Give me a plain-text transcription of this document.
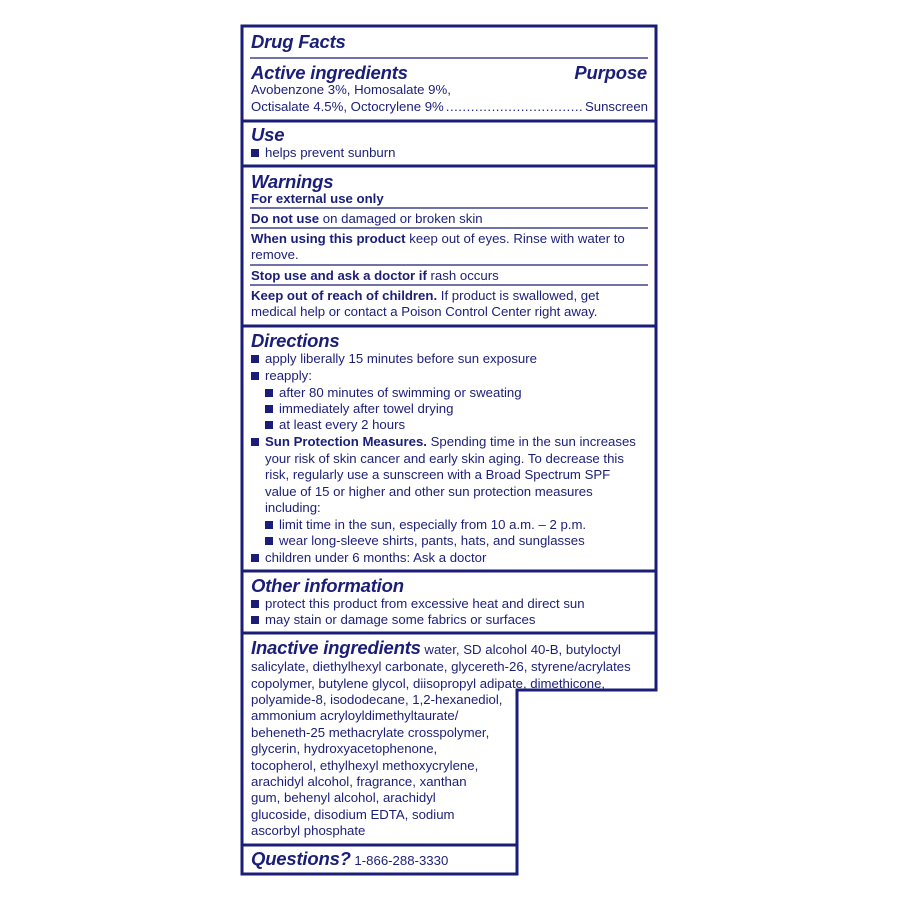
Drug Facts
Active ingredients	Purpose
Avobenzone 3%, Homosalate 9%,
Octisalate 4.5%, Octocrylene 9% ................................. Sunscreen
Use
helps prevent sunburn
Warnings
For external use only
Do not use on damaged or broken skin
When using this product keep out of eyes. Rinse with water to
remove.
Stop use and ask a doctor if rash occurs
Keep out of reach of children. If product is swallowed, get
medical help or contact a Poison Control Center right away.
Directions
apply liberally 15 minutes before sun exposure
reapply:
after 80 minutes of swimming or sweating
immediately after towel drying
at least every 2 hours
Sun Protection Measures. Spending time in the sun increases
your risk of skin cancer and early skin aging. To decrease this
risk, regularly use a sunscreen with a Broad Spectrum SPF
value of 15 or higher and other sun protection measures
including:
limit time in the sun, especially from 10 a.m. – 2 p.m.
wear long-sleeve shirts, pants, hats, and sunglasses
children under 6 months: Ask a doctor
Other information
protect this product from excessive heat and direct sun
may stain or damage some fabrics or surfaces
Inactive ingredients water, SD alcohol 40-B, butyloctyl
salicylate, diethylhexyl carbonate, glycereth-26, styrene/acrylates
copolymer, butylene glycol, diisopropyl adipate, dimethicone,
polyamide-8, isododecane, 1,2-hexanediol,
ammonium acryloyldimethyltaurate/
beheneth-25 methacrylate crosspolymer,
glycerin, hydroxyacetophenone,
tocopherol, ethylhexyl methoxycrylene,
arachidyl alcohol, fragrance, xanthan
gum, behenyl alcohol, arachidyl
glucoside, disodium EDTA, sodium
ascorbyl phosphate
Questions? 1-866-288-3330
